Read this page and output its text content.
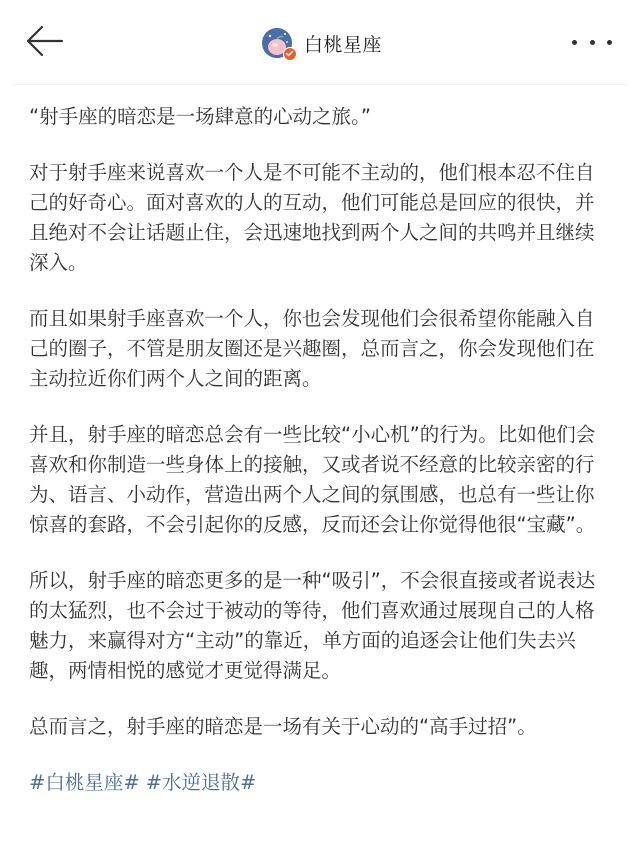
白桃星座

“射手座的暗恋是一场肆意的心动之旅。”

对于射手座来说喜欢一个人是不可能不主动的，他们根本忍不住自己的好奇心。面对喜欢的人的互动，他们可能总是回应的很快，并且绝对不会让话题止住，会迅速地找到两个人之间的共鸣并且继续深入。

而且如果射手座喜欢一个人，你也会发现他们会很希望你能融入自己的圈子，不管是朋友圈还是兴趣圈，总而言之，你会发现他们在主动拉近你们两个人之间的距离。

并且，射手座的暗恋总会有一些比较“小心机”的行为。比如他们会喜欢和你制造一些身体上的接触，又或者说不经意的比较亲密的行为、语言、小动作，营造出两个人之间的氛围感，也总有一些让你惊喜的套路，不会引起你的反感，反而还会让你觉得他很“宝藏”。

所以，射手座的暗恋更多的是一种“吸引”，不会很直接或者说表达的太猛烈，也不会过于被动的等待，他们喜欢通过展现自己的人格魅力，来赢得对方“主动”的靠近，单方面的追逐会让他们失去兴趣，两情相悦的感觉才更觉得满足。

总而言之，射手座的暗恋是一场有关于心动的“高手过招”。

#白桃星座# #水逆退散#
